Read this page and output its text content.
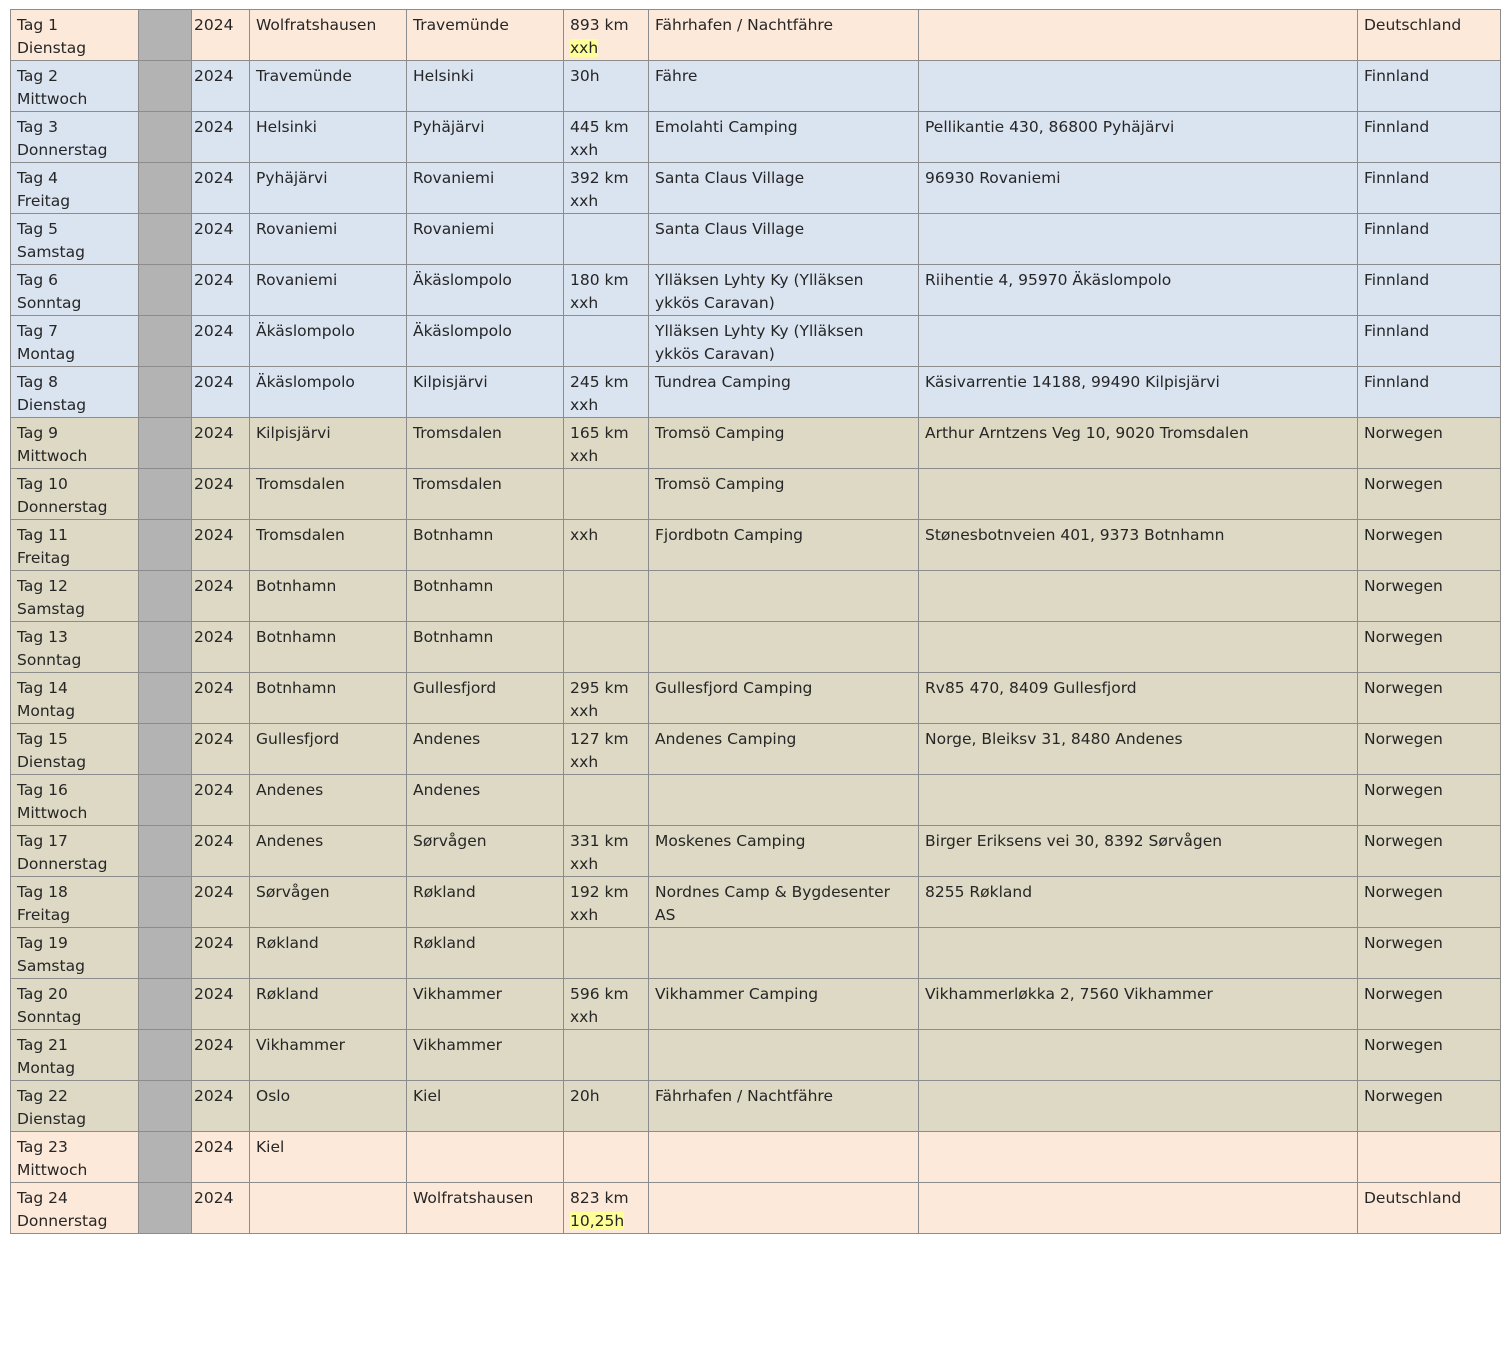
Tag 1
Dienstag		2024	Wolfratshausen	Travemünde	893 km
xxh	Fährhafen / Nachtfähre		Deutschland

Tag 2
Mittwoch		2024	Travemünde	Helsinki	30h	Fähre		Finnland

Tag 3
Donnerstag		2024	Helsinki	Pyhäjärvi	445 km
xxh	Emolahti Camping	Pellikantie 430, 86800 Pyhäjärvi	Finnland

Tag 4
Freitag		2024	Pyhäjärvi	Rovaniemi	392 km
xxh	Santa Claus Village	96930 Rovaniemi	Finnland

Tag 5
Samstag		2024	Rovaniemi	Rovaniemi		Santa Claus Village		Finnland

Tag 6
Sonntag		2024	Rovaniemi	Äkäslompolo	180 km
xxh	Ylläksen Lyhty Ky (Ylläksen ykkös Caravan)	Riihentie 4, 95970 Äkäslompolo	Finnland

Tag 7
Montag		2024	Äkäslompolo	Äkäslompolo		Ylläksen Lyhty Ky (Ylläksen ykkös Caravan)		Finnland

Tag 8
Dienstag		2024	Äkäslompolo	Kilpisjärvi	245 km
xxh	Tundrea Camping	Käsivarrentie 14188, 99490 Kilpisjärvi	Finnland

Tag 9
Mittwoch		2024	Kilpisjärvi	Tromsdalen	165 km
xxh	Tromsö Camping	Arthur Arntzens Veg 10, 9020 Tromsdalen	Norwegen

Tag 10
Donnerstag		2024	Tromsdalen	Tromsdalen		Tromsö Camping		Norwegen

Tag 11
Freitag		2024	Tromsdalen	Botnhamn	xxh	Fjordbotn Camping	Stønesbotnveien 401, 9373 Botnhamn	Norwegen

Tag 12
Samstag		2024	Botnhamn	Botnhamn				Norwegen

Tag 13
Sonntag		2024	Botnhamn	Botnhamn				Norwegen

Tag 14
Montag		2024	Botnhamn	Gullesfjord	295 km
xxh	Gullesfjord Camping	Rv85 470, 8409 Gullesfjord	Norwegen

Tag 15
Dienstag		2024	Gullesfjord	Andenes	127 km
xxh	Andenes Camping	Norge, Bleiksv 31, 8480 Andenes	Norwegen

Tag 16
Mittwoch		2024	Andenes	Andenes				Norwegen

Tag 17
Donnerstag		2024	Andenes	Sørvågen	331 km
xxh	Moskenes Camping	Birger Eriksens vei 30, 8392 Sørvågen	Norwegen

Tag 18
Freitag		2024	Sørvågen	Røkland	192 km
xxh	Nordnes Camp & Bygdesenter AS	8255 Røkland	Norwegen

Tag 19
Samstag		2024	Røkland	Røkland				Norwegen

Tag 20
Sonntag		2024	Røkland	Vikhammer	596 km
xxh	Vikhammer Camping	Vikhammerløkka 2, 7560 Vikhammer	Norwegen

Tag 21
Montag		2024	Vikhammer	Vikhammer				Norwegen

Tag 22
Dienstag		2024	Oslo	Kiel	20h	Fährhafen / Nachtfähre		Norwegen

Tag 23
Mittwoch		2024	Kiel					

Tag 24
Donnerstag		2024		Wolfratshausen	823 km
10,25h			Deutschland
